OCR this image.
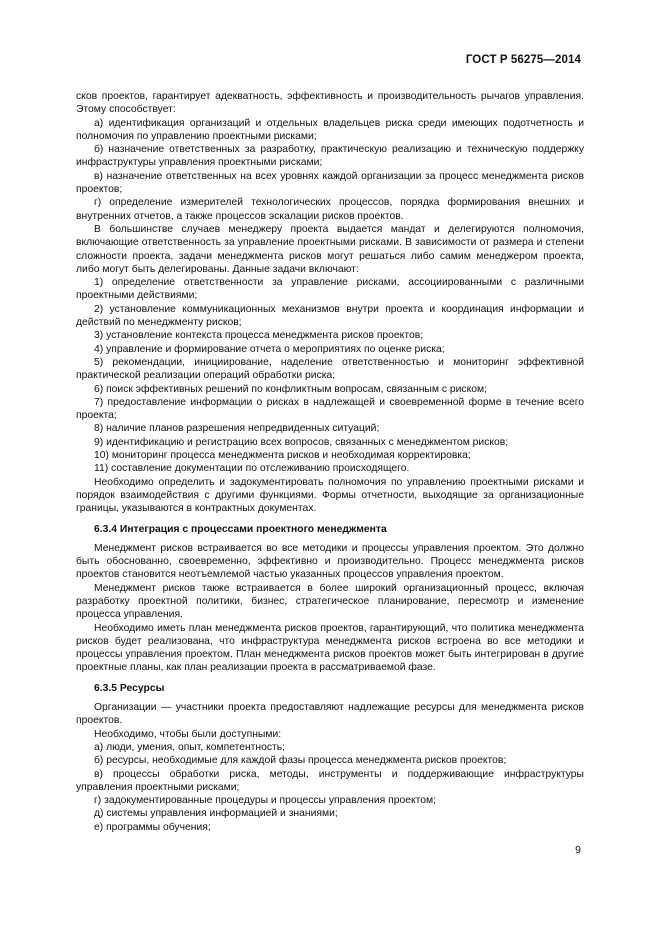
ГОСТ Р 56275—2014

сков проектов, гарантирует адекватность, эффективность и производительность рычагов управления. Этому способствует:

а) идентификация организаций и отдельных владельцев риска среди имеющих подотчетность и полномочия по управлению проектными рисками;

б) назначение ответственных за разработку, практическую реализацию и техническую поддержку инфраструктуры управления проектными рисками;

в) назначение ответственных на всех уровнях каждой организации за процесс менеджмента рисков проектов;

г) определение измерителей технологических процессов, порядка формирования внешних и внутренних отчетов, а также процессов эскалации рисков проектов.

В большинстве случаев менеджеру проекта выдается мандат и делегируются полномочия, включающие ответственность за управление проектными рисками. В зависимости от размера и степени сложности проекта, задачи менеджмента рисков могут решаться либо самим менеджером проекта, либо могут быть делегированы. Данные задачи включают:

1) определение ответственности за управление рисками, ассоциированными с различными проектными действиями;

2) установление коммуникационных механизмов внутри проекта и координация информации и действий по менеджменту рисков;

3) установление контекста процесса менеджмента рисков проектов;

4) управление и формирование отчета о мероприятиях по оценке риска;

5) рекомендации, инициирование, наделение ответственностью и мониторинг эффективной практической реализации операций обработки риска;

6) поиск эффективных решений по конфликтным вопросам, связанным с риском;

7) предоставление информации о рисках в надлежащей и своевременной форме в течение всего проекта;

8) наличие планов разрешения непредвиденных ситуаций;

9) идентификацию и регистрацию всех вопросов, связанных с менеджментом рисков;

10) мониторинг процесса менеджмента рисков и необходимая корректировка;

11) составление документации по отслеживанию происходящего.

Необходимо определить и задокументировать полномочия по управлению проектными рисками и порядок взаимодействия с другими функциями. Формы отчетности, выходящие за организационные границы, указываются в контрактных документах.

6.3.4 Интеграция с процессами проектного менеджмента

Менеджмент рисков встраивается во все методики и процессы управления проектом. Это должно быть обоснованно, своевременно, эффективно и производительно. Процесс менеджмента рисков проектов становится неотъемлемой частью указанных процессов управления проектом.

Менеджмент рисков также встраивается в более широкий организационный процесс, включая разработку проектной политики, бизнес, стратегическое планирование, пересмотр и изменение процесса управления.

Необходимо иметь план менеджмента рисков проектов, гарантирующий, что политика менеджмента рисков будет реализована, что инфраструктура менеджмента рисков встроена во все методики и процессы управления проектом. План менеджмента рисков проектов может быть интегрирован в другие проектные планы, как план реализации проекта в рассматриваемой фазе.

6.3.5 Ресурсы

Организации — участники проекта предоставляют надлежащие ресурсы для менеджмента рисков проектов.

Необходимо, чтобы были доступными:

а) люди, умения, опыт, компетентность;

б) ресурсы, необходимые для каждой фазы процесса менеджмента рисков проектов;

в) процессы обработки риска, методы, инструменты и поддерживающие инфраструктуры управления проектными рисками;

г) задокументированные процедуры и процессы управления проектом;

д) системы управления информацией и знаниями;

е) программы обучения;

9
